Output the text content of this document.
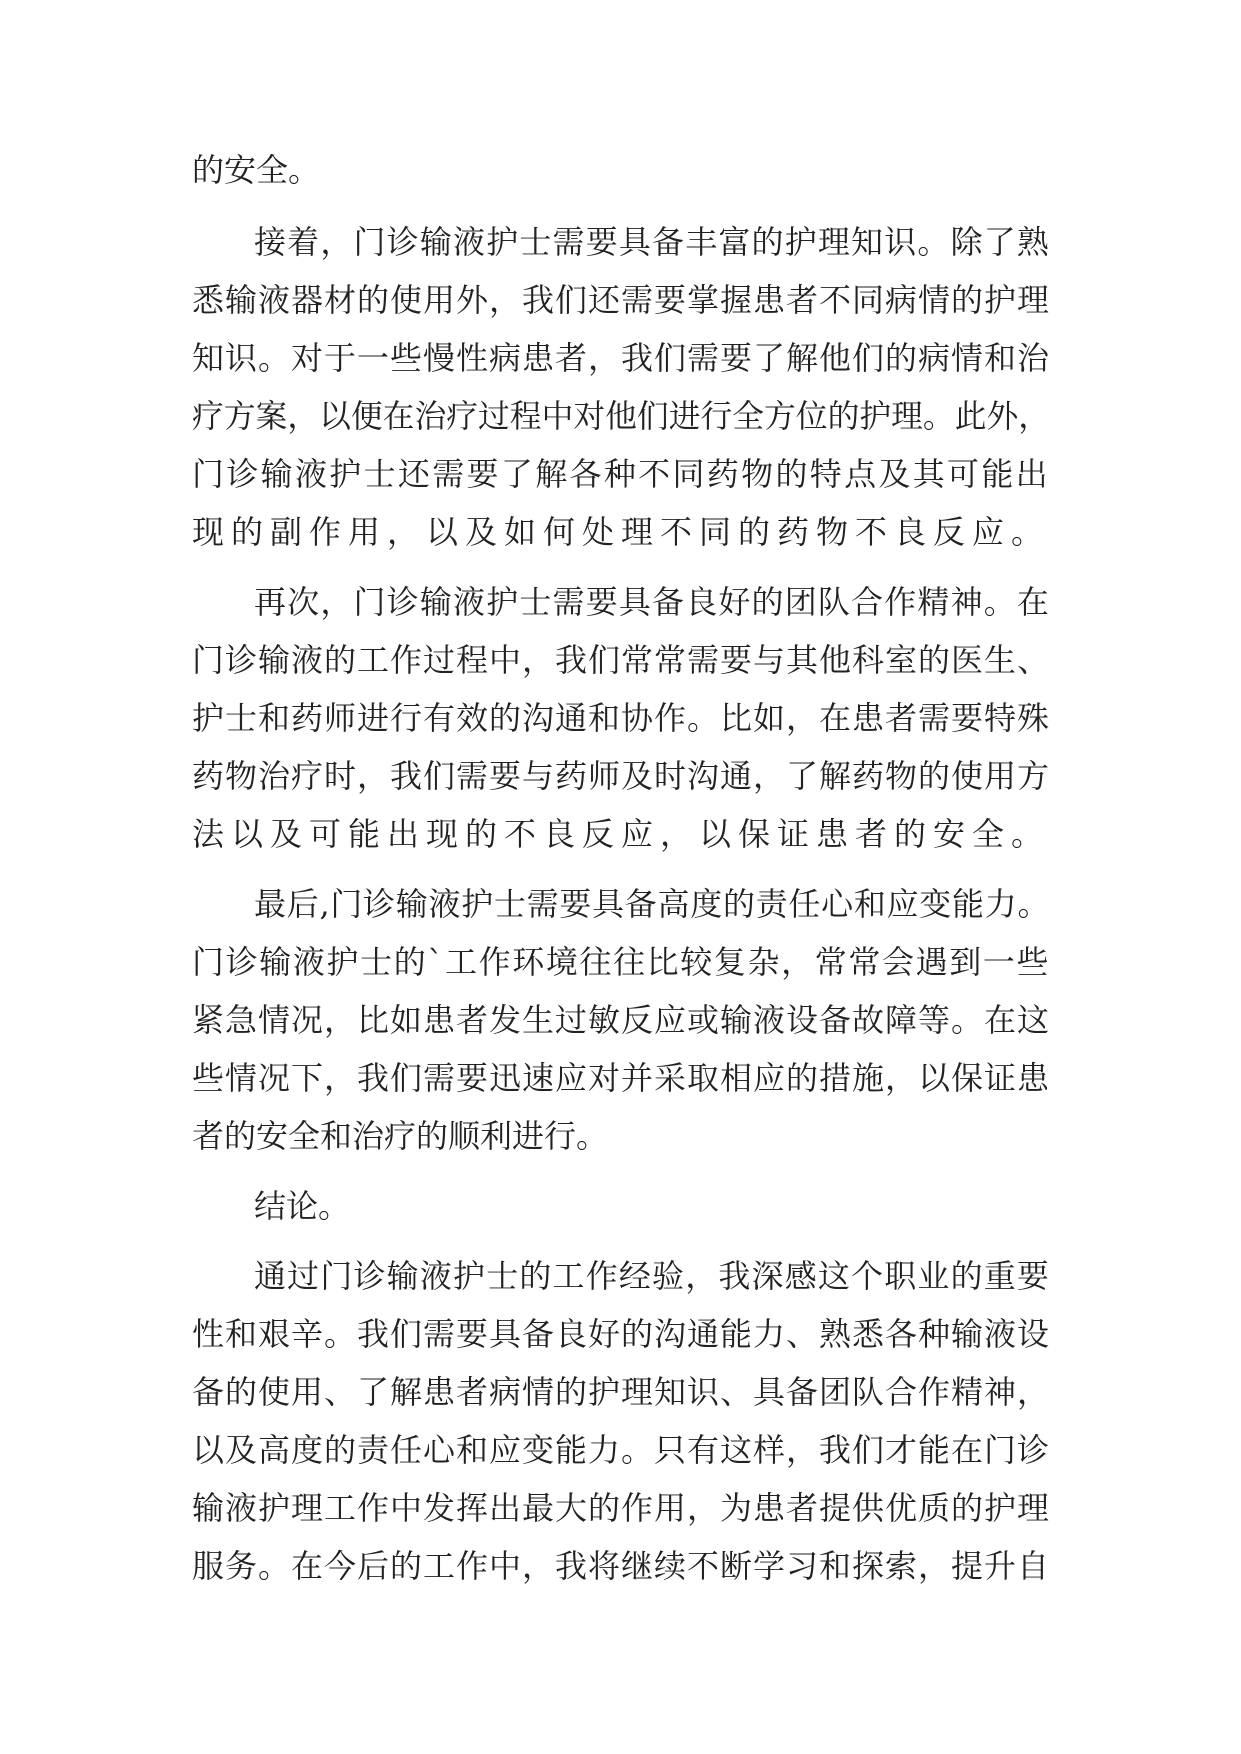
的安全。
接着，门诊输液护士需要具备丰富的护理知识。除了熟
悉输液器材的使用外，我们还需要掌握患者不同病情的护理
知识。对于一些慢性病患者，我们需要了解他们的病情和治
疗方案，以便在治疗过程中对他们进行全方位的护理。此外，
门诊输液护士还需要了解各种不同药物的特点及其可能出
现的副作用，以及如何处理不同的药物不良反应。
再次，门诊输液护士需要具备良好的团队合作精神。在
门诊输液的工作过程中，我们常常需要与其他科室的医生、
护士和药师进行有效的沟通和协作。比如，在患者需要特殊
药物治疗时，我们需要与药师及时沟通，了解药物的使用方
法以及可能出现的不良反应，以保证患者的安全。
最后,门诊输液护士需要具备高度的责任心和应变能力。
门诊输液护士的`工作环境往往比较复杂，常常会遇到一些
紧急情况，比如患者发生过敏反应或输液设备故障等。在这
些情况下，我们需要迅速应对并采取相应的措施，以保证患
者的安全和治疗的顺利进行。
结论。
通过门诊输液护士的工作经验，我深感这个职业的重要
性和艰辛。我们需要具备良好的沟通能力、熟悉各种输液设
备的使用、了解患者病情的护理知识、具备团队合作精神，
以及高度的责任心和应变能力。只有这样，我们才能在门诊
输液护理工作中发挥出最大的作用，为患者提供优质的护理
服务。在今后的工作中，我将继续不断学习和探索，提升自
